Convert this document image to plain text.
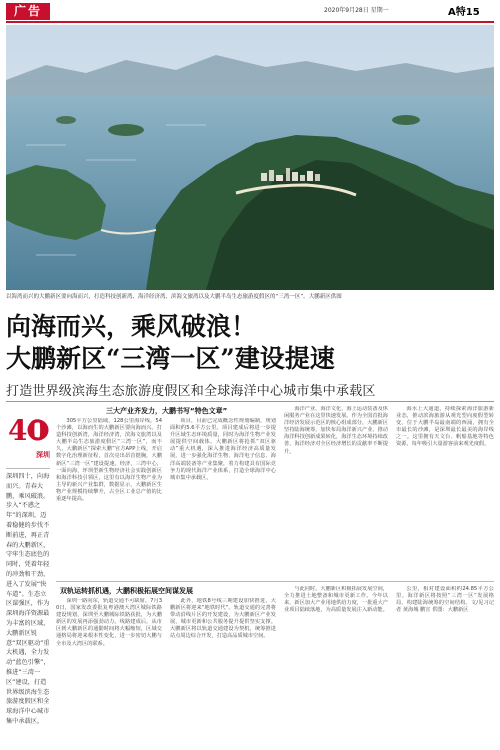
广告	2020年9月28日 星期一	A特15
以海湾而兴的大鹏新区要向海而兴，打造科技创新湾、海洋经济湾、滨海文旅湾以及大鹏半岛生态旅游度假区的“三湾一区”。大鹏新区供图
向海而兴，乘风破浪！
大鹏新区“三湾一区”建设提速
打造世界级滨海生态旅游度假区和全球海洋中心城市集中承载区
40
深圳
深圳四十，向海而兴。青春大鹏，乘风破浪。步入“不惑之年”的深圳，迈着稳健的步伐不断前进，再正青春的大鹏新区，守牢生态底色的同时，凭着年轻的冲劲和干劲，进入了发展“快车道”。生态立区谋强区，作为深圳海洋资源最为丰富的区域，大鹏新区锐意“双区驱动”重大机遇，全力发动“蓝色引擎”，推进“三湾一区”建设，打造世界级滨海生态旅游度假区和全球海洋中心城市集中承载区。
三大产业齐发力，大鹏书写“特色文章”

305平方公里陆域，128公里海岸线，54个沙滩，以海而生的大鹏新区要向海而兴。打造科技创新湾，海洋经济湾，滨海文旅湾以及大鹏半岛生态旅游度假区“三湾一区”，而不久，大鹏新区“探索大鹏”官方APP上线，开启数字化治理新征程，首次亮出昂首挺胸，大鹏新区“三湾一区”建设提速。经济，三湾中心，一面向海，坪坝型新生物经济社会实践创新区和海洋科技引领区，这里有以海洋生物产业为主导的新兴产业集群，数据显示，大鹏新区生物产业规模持续攀升，占全区工业总产值的比重逐年提高。

项目，目前已完成概念性规划编制，规划面积约5.6平方公里。项目建成后将进一步提升区域生态环境质量，同时为海洋生物产业发展提供空间载体。大鹏新区将抢抓“双区驱动”重大机遇，深入推进海洋经济高质量发展，进一步强化海洋生物、海洋电子信息、海洋高端装备等产业集聚，着力构建具有国际竞争力的现代海洋产业体系，打造全球海洋中心城市集中承载区。

海洋产业，海洋文化，海上运动装备及休闲服务产业在这里快速发展。作为全国首批海洋经济发展示范区的核心组成部分，大鹏新区坚持陆海统筹，加快布局海洋新兴产业，推动海洋科技创新成果转化，海洋生态环境持续改善，海洋经济对全区经济增长的贡献率不断提升。

海水上大通道，持续探索海洋旅游新业态，推动滨海旅游从观光型向度假型转变。位于大鹏半岛最南端的西涌，拥有全市最长的沙滩，是深圳最长最美的海岸线之一。这里拥有天文台、帆船基地等特色资源，每年吸引大量游客前来观光度假。

双轨运转抓机遇，大鹏积极拓展空间谋发展

深圳一路向东，轨道交通不可缺席。7月30日，国家发改委批复粤港澳大湾区城际铁路建设规划，深圳至大鹏城际铁路获批，为大鹏新区的发展再添强劲动力。线路建成后，从市区到大鹏新区的通勤时间将大幅缩短，区域交通格局将迎来根本性变化，进一步密切大鹏与全市及大湾区的联系。

此外，地铁8号线三期建设加快推进，大鹏新区将迎来“地铁时代”。轨道交通的完善将带动沿线片区的开发建设，为大鹏新区产业发展、城市更新和公共服务提升提供坚实支撑。大鹏新区将以轨道交通建设为契机，统筹推进站点周边综合开发，打造高品质城市空间。

与此同时，大鹏新区积极拓展发展空间，全力推进土地整备和城市更新工作。今年以来，新区加大产业用地供给力度，一批重大产业项目陆续落地，为高质量发展注入新动能。

公里，相对建设面积约24.85平方公里。海洋新区将按照“三湾一区”发展格局，构建陆海统筹的空间结构。文/见习记者 黄海城 鹏宣 供图：大鹏新区
